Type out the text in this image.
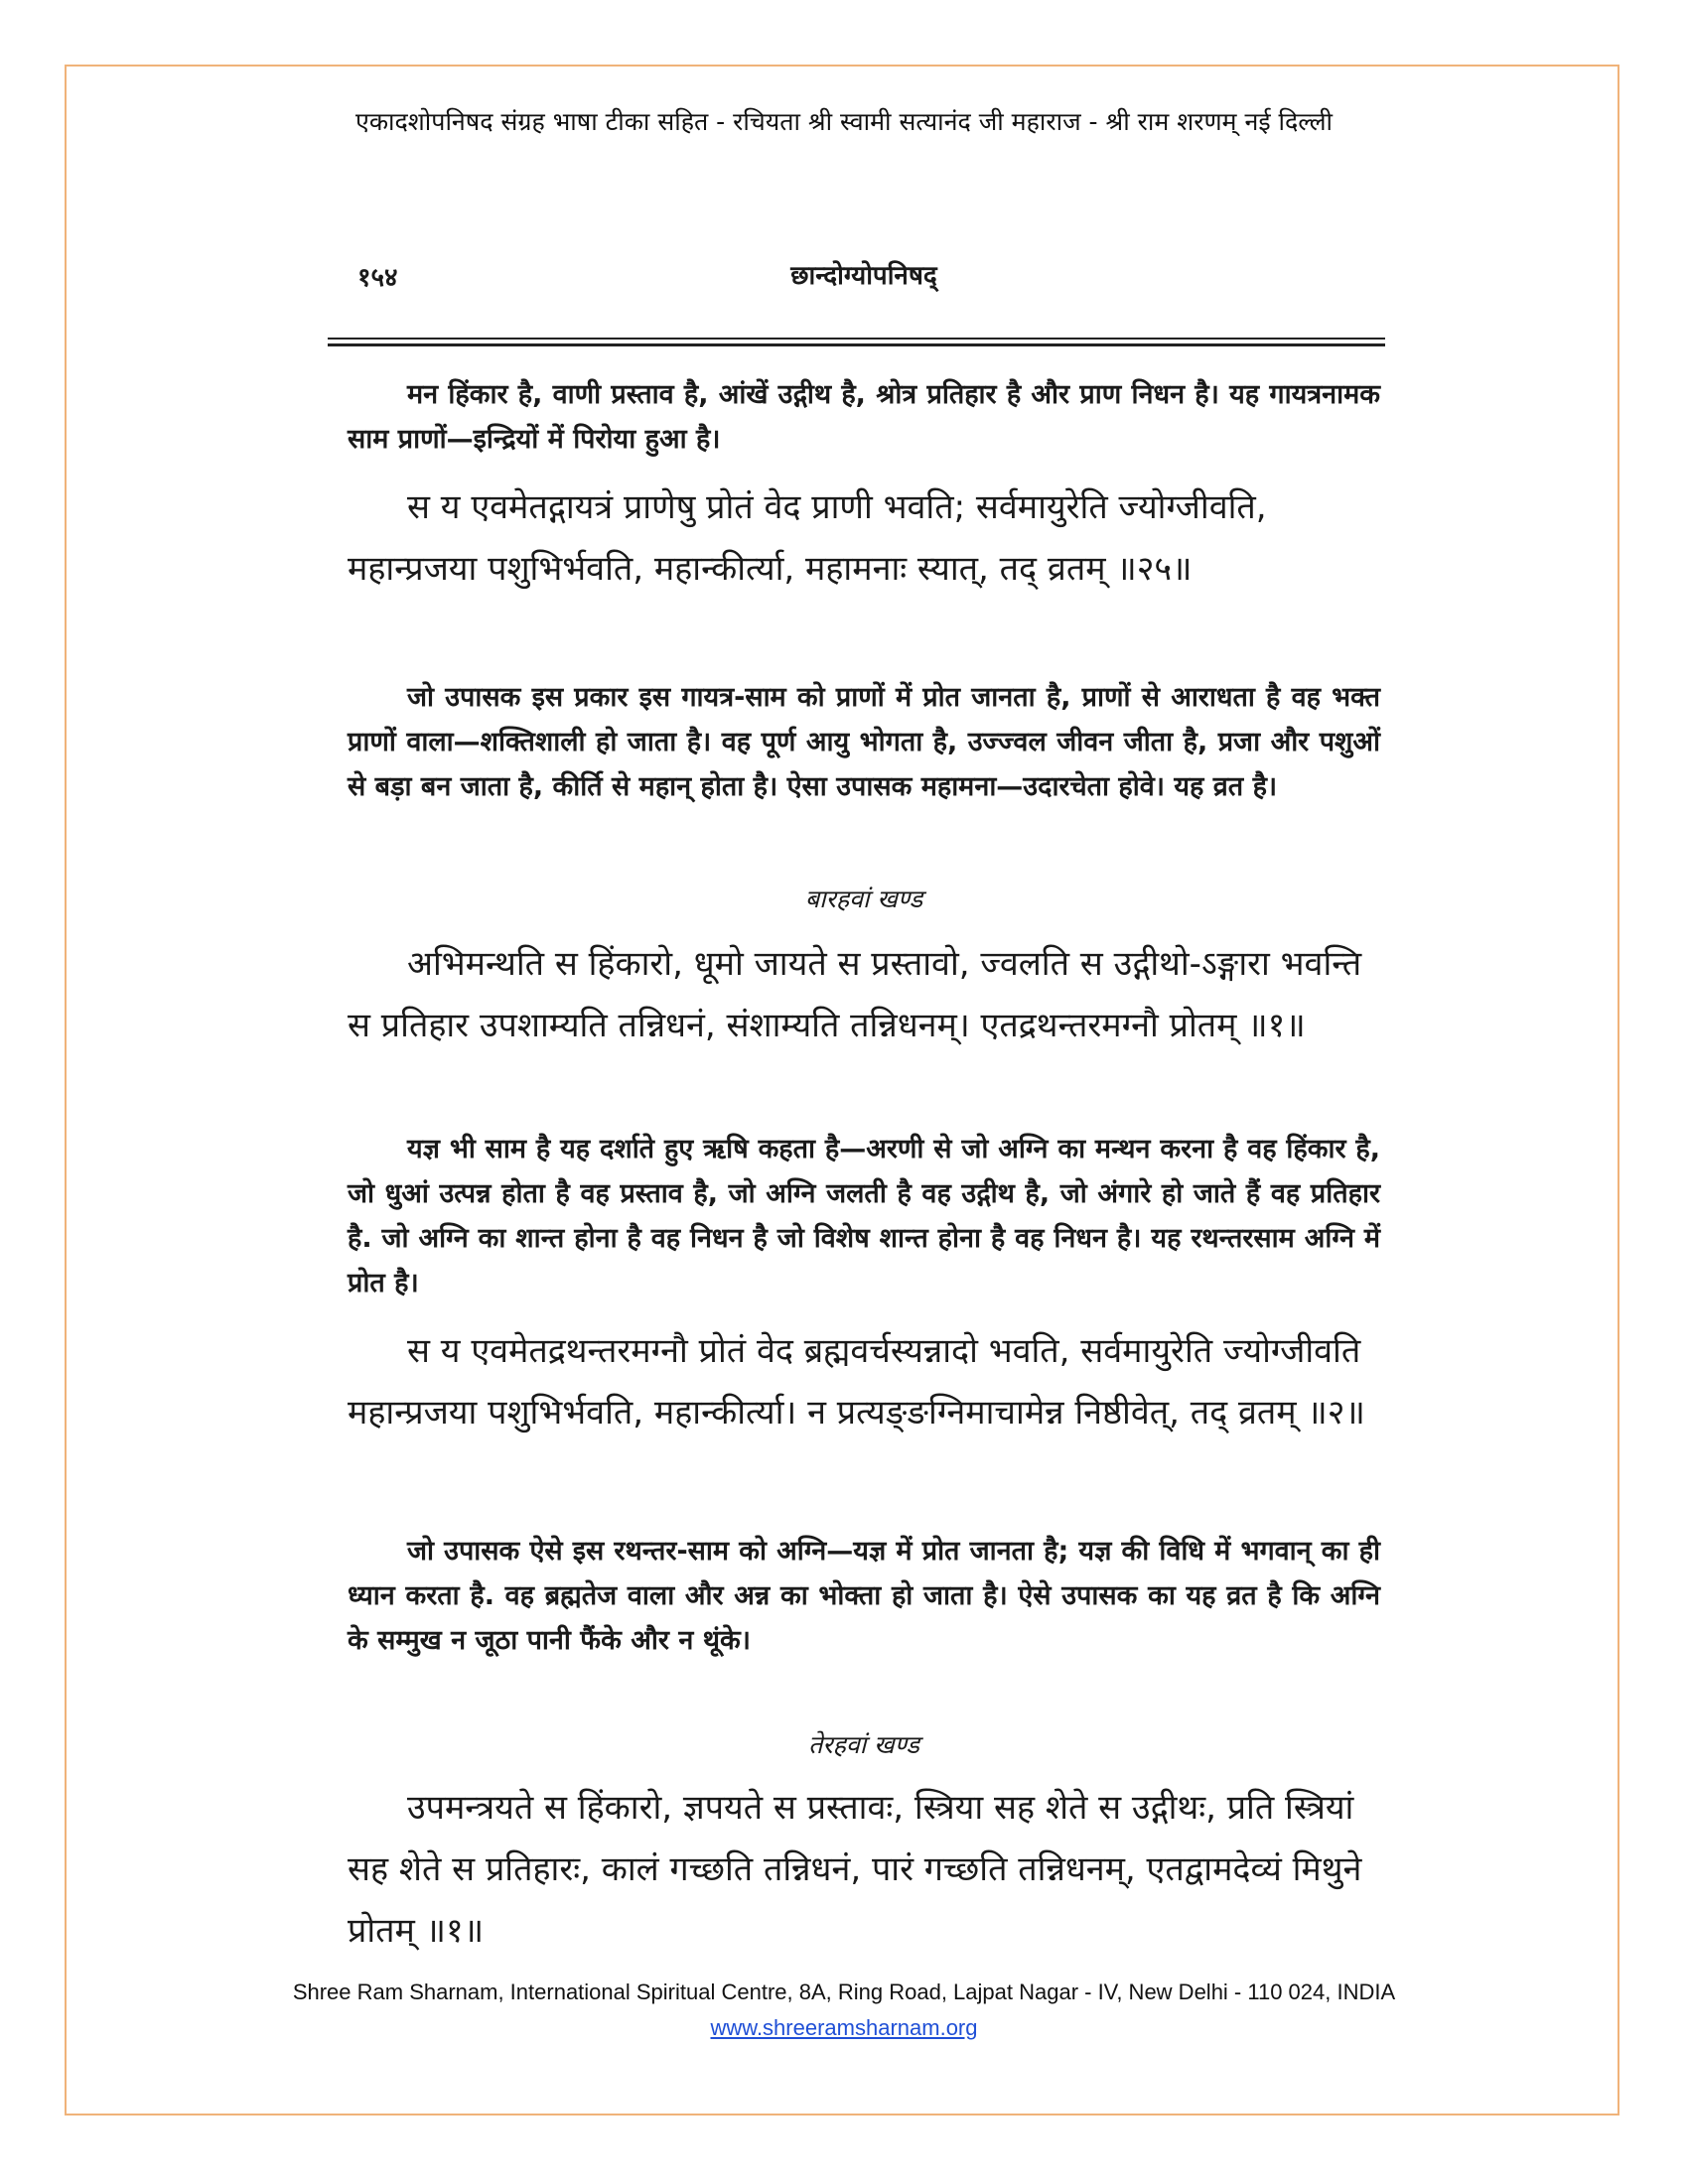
एकादशोपनिषद संग्रह भाषा टीका सहित - रचियता श्री स्वामी सत्यानंद जी महाराज - श्री राम शरणम् नई दिल्ली
१५४	छान्दोग्योपनिषद्
मन हिंकार है, वाणी प्रस्ताव है, आंखें उद्गीथ है, श्रोत्र प्रतिहार है और प्राण निधन है। यह गायत्रनामक साम प्राणों—इन्द्रियों में पिरोया हुआ है।
स य एवमेतद्गायत्रं प्राणेषु प्रोतं वेद प्राणी भवति; सर्वमायुरेति ज्योग्जीवति, महान्प्रजया पशुभिर्भवति, महान्कीर्त्या, महामनाः स्यात्, तद् व्रतम् ॥२५॥
जो उपासक इस प्रकार इस गायत्र-साम को प्राणों में प्रोत जानता है, प्राणों से आराधता है वह भक्त प्राणों वाला—शक्तिशाली हो जाता है। वह पूर्ण आयु भोगता है, उज्ज्वल जीवन जीता है, प्रजा और पशुओं से बड़ा बन जाता है, कीर्ति से महान् होता है। ऐसा उपासक महामना—उदारचेता होवे। यह व्रत है।
बारहवां खण्ड
अभिमन्थति स हिंकारो, धूमो जायते स प्रस्तावो, ज्वलति स उद्गीथो-ऽङ्गारा भवन्ति स प्रतिहार उपशाम्यति तन्निधनं, संशाम्यति तन्निधनम्। एतद्रथन्तरमग्नौ प्रोतम् ॥१॥
यज्ञ भी साम है यह दर्शाते हुए ऋषि कहता है—अरणी से जो अग्नि का मन्थन करना है वह हिंकार है, जो धुआं उत्पन्न होता है वह प्रस्ताव है, जो अग्नि जलती है वह उद्गीथ है, जो अंगारे हो जाते हैं वह प्रतिहार है. जो अग्नि का शान्त होना है वह निधन है जो विशेष शान्त होना है वह निधन है। यह रथन्तरसाम अग्नि में प्रोत है।
स य एवमेतद्रथन्तरमग्नौ प्रोतं वेद ब्रह्मवर्चस्यन्नादो भवति, सर्वमायुरेति ज्योग्जीवति महान्प्रजया पशुभिर्भवति, महान्कीर्त्या। न प्रत्यङ्ङग्निमाचामेन्न निष्ठीवेत्, तद् व्रतम् ॥२॥
जो उपासक ऐसे इस रथन्तर-साम को अग्नि—यज्ञ में प्रोत जानता है; यज्ञ की विधि में भगवान् का ही ध्यान करता है. वह ब्रह्मतेज वाला और अन्न का भोक्ता हो जाता है। ऐसे उपासक का यह व्रत है कि अग्नि के सम्मुख न जूठा पानी फैंके और न थूंके।
तेरहवां खण्ड
उपमन्त्रयते स हिंकारो, ज्ञपयते स प्रस्तावः, स्त्रिया सह शेते स उद्गीथः, प्रति स्त्रियां सह शेते स प्रतिहारः, कालं गच्छति तन्निधनं, पारं गच्छति तन्निधनम्, एतद्वामदेव्यं मिथुने प्रोतम् ॥१॥
Shree Ram Sharnam, International Spiritual Centre, 8A, Ring Road, Lajpat Nagar - IV, New Delhi - 110 024, INDIA
www.shreeramsharnam.org
